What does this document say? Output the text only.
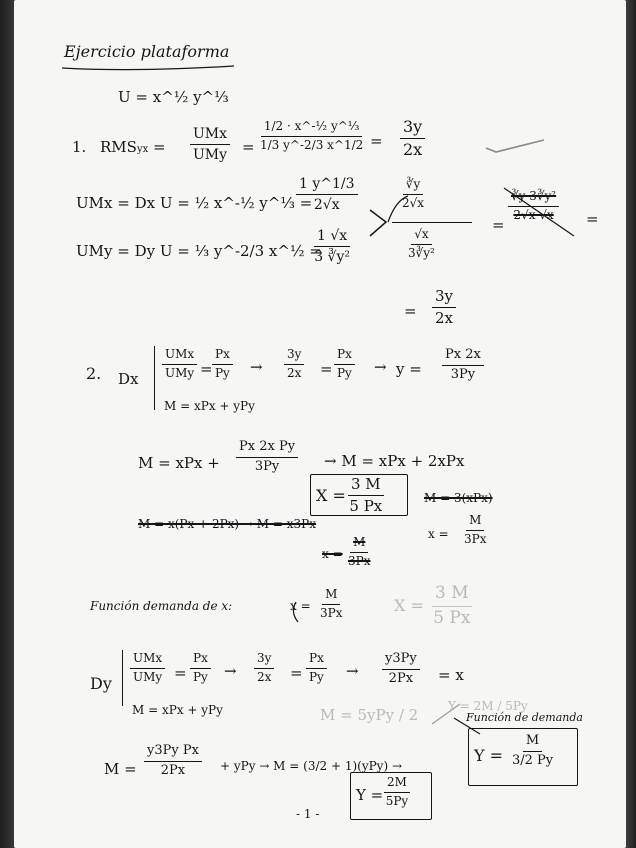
Ejercicio plataforma
U = x^½ y^⅓
1. RMSyx =
UMx
UMy = $\frac{\text{1/2 · x\textasciicircum{}-½ y\textasciicircum{}⅓}}{1/3 y\^{}-2/3 x\^{}1/2} = \frac{3y}{2x}$
UMx = Dx U = ½ x^-½ y^⅓ =
$\frac{1 y\^{}1/3}{2√x}$
UMy = Dy U = ⅓ y^-2/3 x^½ =
$\frac{1 √x}{\text{3 ∛y²}}$
$\frac{∛y}{2√x}$
$\frac{√x}{\text{3∛y²}}$
=
$\frac{\text{∛y 3∛y²}}{2√x √x}$ =
= $\frac{3y}{2x}$
2. Dx
UMx
UMy = $\frac{Px}{Py} \to \frac{3y}{2x} = \frac{Px}{Py} \to y = \frac{Px 2x}{3Py}$
M = xPx + yPy
M = xPx + $\frac{\text{Px 2x Py}}{3Py} \to M$ = xPx + 2xPx
$X = \frac{3 M}{5 Px}$	M = 3(xPx)
M = x(Px + 2Px) → M = x3Px
$x = \frac{M}{3Px}$
$x = \frac{M}{3Px}$
Función demanda de x:	$x = \frac{M}{3Px}$	$X = \frac{3 M}{5 Px}$
Dy
UMx
UMy = $\frac{Px}{Py} \to \frac{3y}{2x} = \frac{Px}{Py} \to \frac{y3Py}{2Px} = x$
M = xPx + yPy	M = 5yPy / 2 Y = 2M / 5Py
Función de demanda
$M = \frac{\text{y3Py Px}}{2Px}$ + yPy → M = (3/2 + 1)(yPy) →
$Y = \frac{M}{3/2 Py}$
$Y = \frac{2M}{5Py}$
- 1 -
